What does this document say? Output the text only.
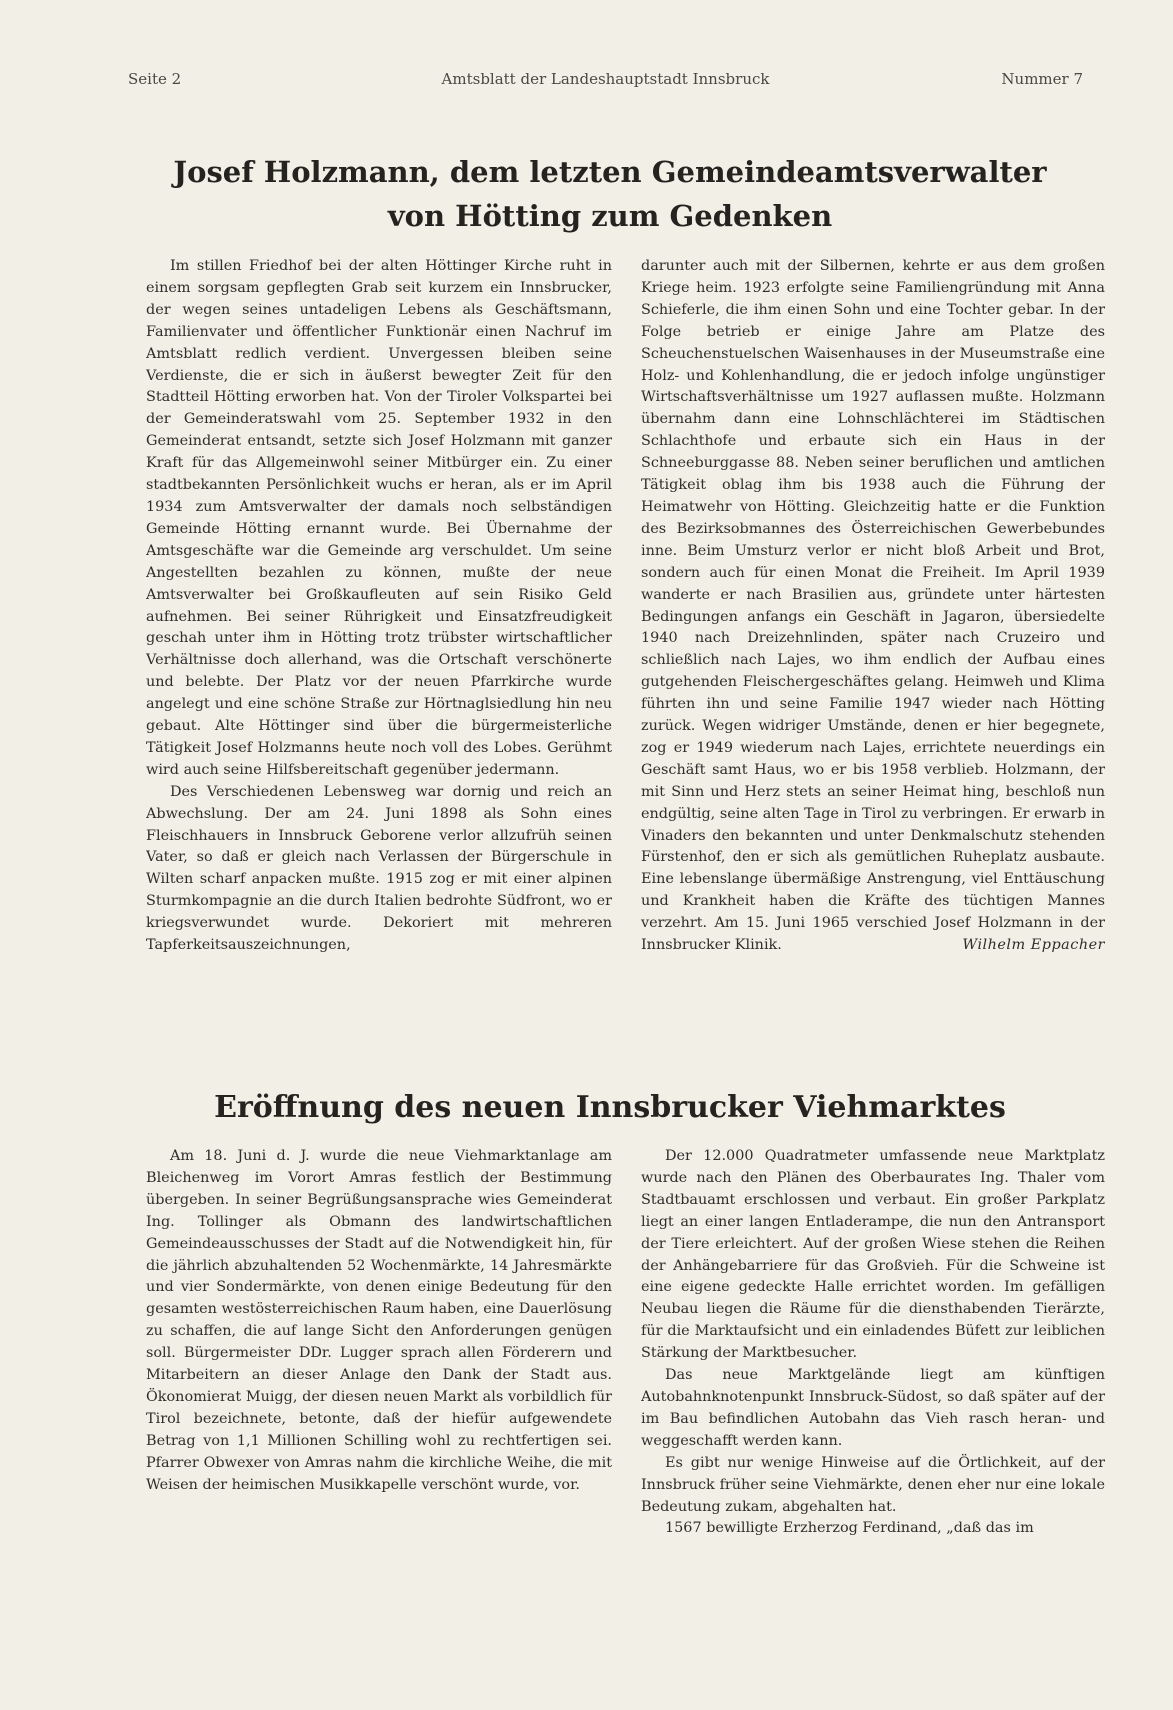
Seite 2	Amtsblatt der Landeshauptstadt Innsbruck	Nummer 7
Josef Holzmann, dem letzten Gemeindeamtsverwalter von Hötting zum Gedenken

Im stillen Friedhof bei der alten Höttinger Kirche ruht in einem sorgsam gepflegten Grab seit kurzem ein Innsbrucker, der wegen seines untadeligen Lebens als Geschäftsmann, Familienvater und öffentlicher Funktionär einen Nachruf im Amtsblatt redlich verdient. Unvergessen bleiben seine Verdienste, die er sich in äußerst bewegter Zeit für den Stadtteil Hötting erworben hat. Von der Tiroler Volkspartei bei der Gemeinderatswahl vom 25. September 1932 in den Gemeinderat entsandt, setzte sich Josef Holzmann mit ganzer Kraft für das Allgemeinwohl seiner Mitbürger ein. Zu einer stadtbekannten Persönlichkeit wuchs er heran, als er im April 1934 zum Amtsverwalter der damals noch selbständigen Gemeinde Hötting ernannt wurde. Bei Übernahme der Amtsgeschäfte war die Gemeinde arg verschuldet. Um seine Angestellten bezahlen zu können, mußte der neue Amtsverwalter bei Großkaufleuten auf sein Risiko Geld aufnehmen. Bei seiner Rührigkeit und Einsatzfreudigkeit geschah unter ihm in Hötting trotz trübster wirtschaftlicher Verhältnisse doch allerhand, was die Ortschaft verschönerte und belebte. Der Platz vor der neuen Pfarrkirche wurde angelegt und eine schöne Straße zur Hörtnaglsiedlung hin neu gebaut. Alte Höttinger sind über die bürgermeisterliche Tätigkeit Josef Holzmanns heute noch voll des Lobes. Gerühmt wird auch seine Hilfsbereitschaft gegenüber jedermann.

Des Verschiedenen Lebensweg war dornig und reich an Abwechslung. Der am 24. Juni 1898 als Sohn eines Fleischhauers in Innsbruck Geborene verlor allzufrüh seinen Vater, so daß er gleich nach Verlassen der Bürgerschule in Wilten scharf anpacken mußte. 1915 zog er mit einer alpinen Sturmkompagnie an die durch Italien bedrohte Südfront, wo er kriegsverwundet wurde. Dekoriert mit mehreren Tapferkeitsauszeichnungen,

darunter auch mit der Silbernen, kehrte er aus dem großen Kriege heim. 1923 erfolgte seine Familiengründung mit Anna Schieferle, die ihm einen Sohn und eine Tochter gebar. In der Folge betrieb er einige Jahre am Platze des Scheuchenstuelschen Waisenhauses in der Museumstraße eine Holz- und Kohlenhandlung, die er jedoch infolge ungünstiger Wirtschaftsverhältnisse um 1927 auflassen mußte. Holzmann übernahm dann eine Lohnschlächterei im Städtischen Schlachthofe und erbaute sich ein Haus in der Schneeburggasse 88. Neben seiner beruflichen und amtlichen Tätigkeit oblag ihm bis 1938 auch die Führung der Heimatwehr von Hötting. Gleichzeitig hatte er die Funktion des Bezirksobmannes des Österreichischen Gewerbebundes inne. Beim Umsturz verlor er nicht bloß Arbeit und Brot, sondern auch für einen Monat die Freiheit. Im April 1939 wanderte er nach Brasilien aus, gründete unter härtesten Bedingungen anfangs ein Geschäft in Jagaron, übersiedelte 1940 nach Dreizehnlinden, später nach Cruzeiro und schließlich nach Lajes, wo ihm endlich der Aufbau eines gutgehenden Fleischergeschäftes gelang. Heimweh und Klima führten ihn und seine Familie 1947 wieder nach Hötting zurück. Wegen widriger Umstände, denen er hier begegnete, zog er 1949 wiederum nach Lajes, errichtete neuerdings ein Geschäft samt Haus, wo er bis 1958 verblieb. Holzmann, der mit Sinn und Herz stets an seiner Heimat hing, beschloß nun endgültig, seine alten Tage in Tirol zu verbringen. Er erwarb in Vinaders den bekannten und unter Denkmalschutz stehenden Fürstenhof, den er sich als gemütlichen Ruheplatz ausbaute. Eine lebenslange übermäßige Anstrengung, viel Enttäuschung und Krankheit haben die Kräfte des tüchtigen Mannes verzehrt. Am 15. Juni 1965 verschied Josef Holzmann in der Innsbrucker Klinik.	Wilhelm Eppacher

Eröffnung des neuen Innsbrucker Viehmarktes

Am 18. Juni d. J. wurde die neue Viehmarktanlage am Bleichenweg im Vorort Amras festlich der Bestimmung übergeben. In seiner Begrüßungsansprache wies Gemeinderat Ing. Tollinger als Obmann des landwirtschaftlichen Gemeindeausschusses der Stadt auf die Notwendigkeit hin, für die jährlich abzuhaltenden 52 Wochenmärkte, 14 Jahresmärkte und vier Sondermärkte, von denen einige Bedeutung für den gesamten westösterreichischen Raum haben, eine Dauerlösung zu schaffen, die auf lange Sicht den Anforderungen genügen soll. Bürgermeister DDr. Lugger sprach allen Förderern und Mitarbeitern an dieser Anlage den Dank der Stadt aus. Ökonomierat Muigg, der diesen neuen Markt als vorbildlich für Tirol bezeichnete, betonte, daß der hiefür aufgewendete Betrag von 1,1 Millionen Schilling wohl zu rechtfertigen sei. Pfarrer Obwexer von Amras nahm die kirchliche Weihe, die mit Weisen der heimischen Musikkapelle verschönt wurde, vor.

Der 12.000 Quadratmeter umfassende neue Marktplatz wurde nach den Plänen des Oberbaurates Ing. Thaler vom Stadtbauamt erschlossen und verbaut. Ein großer Parkplatz liegt an einer langen Entladerampe, die nun den Antransport der Tiere erleichtert. Auf der großen Wiese stehen die Reihen der Anhängebarriere für das Großvieh. Für die Schweine ist eine eigene gedeckte Halle errichtet worden. Im gefälligen Neubau liegen die Räume für die diensthabenden Tierärzte, für die Marktaufsicht und ein einladendes Büfett zur leiblichen Stärkung der Marktbesucher.

Das neue Marktgelände liegt am künftigen Autobahnknotenpunkt Innsbruck-Südost, so daß später auf der im Bau befindlichen Autobahn das Vieh rasch heran- und weggeschafft werden kann.

Es gibt nur wenige Hinweise auf die Örtlichkeit, auf der Innsbruck früher seine Viehmärkte, denen eher nur eine lokale Bedeutung zukam, abgehalten hat.

1567 bewilligte Erzherzog Ferdinand, „daß das im
